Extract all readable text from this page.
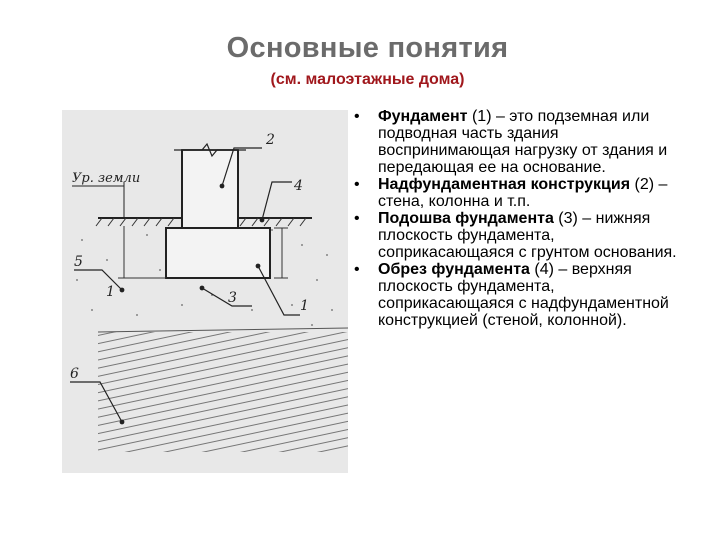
Основные понятия
(см. малоэтажные дома)
Ур. земли
2
4
5
1	3	1
6
• Фундамент (1) – это подземная или подводная часть здания воспринимающая нагрузку от здания и передающая ее на основание.
• Надфундаментная конструкция (2) – стена, колонна и т.п.
• Подошва фундамента (3) – нижняя плоскость фундамента, соприкасающаяся с грунтом основания.
• Обрез фундамента (4) – верхняя плоскость фундамента, соприкасающаяся с надфундаментной конструкцией (стеной, колонной).
